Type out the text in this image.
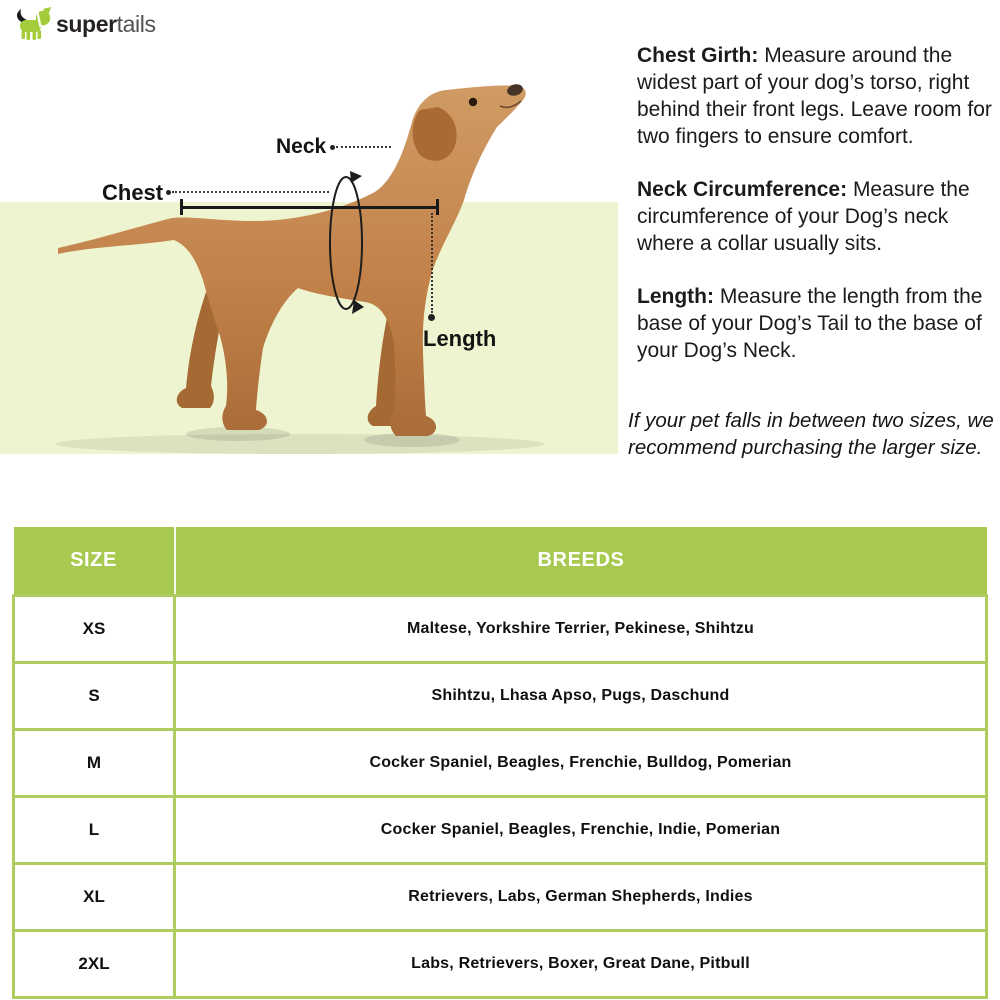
supertails
Neck
Chest
Length

Chest Girth: Measure around the widest part of your dog’s torso, right behind their front legs. Leave room for two fingers to ensure comfort.

Neck Circumference: Measure the circumference of your Dog’s neck where a collar usually sits.

Length: Measure the length from the base of your Dog’s Tail to the base of your Dog’s Neck.

If your pet falls in between two sizes, we recommend purchasing the larger size.
SIZE	BREEDS
XS	Maltese, Yorkshire Terrier, Pekinese, Shihtzu
S	Shihtzu, Lhasa Apso, Pugs, Daschund
M	Cocker Spaniel, Beagles, Frenchie, Bulldog, Pomerian
L	Cocker Spaniel, Beagles, Frenchie, Indie, Pomerian
XL	Retrievers, Labs, German Shepherds, Indies
2XL	Labs, Retrievers, Boxer, Great Dane, Pitbull
